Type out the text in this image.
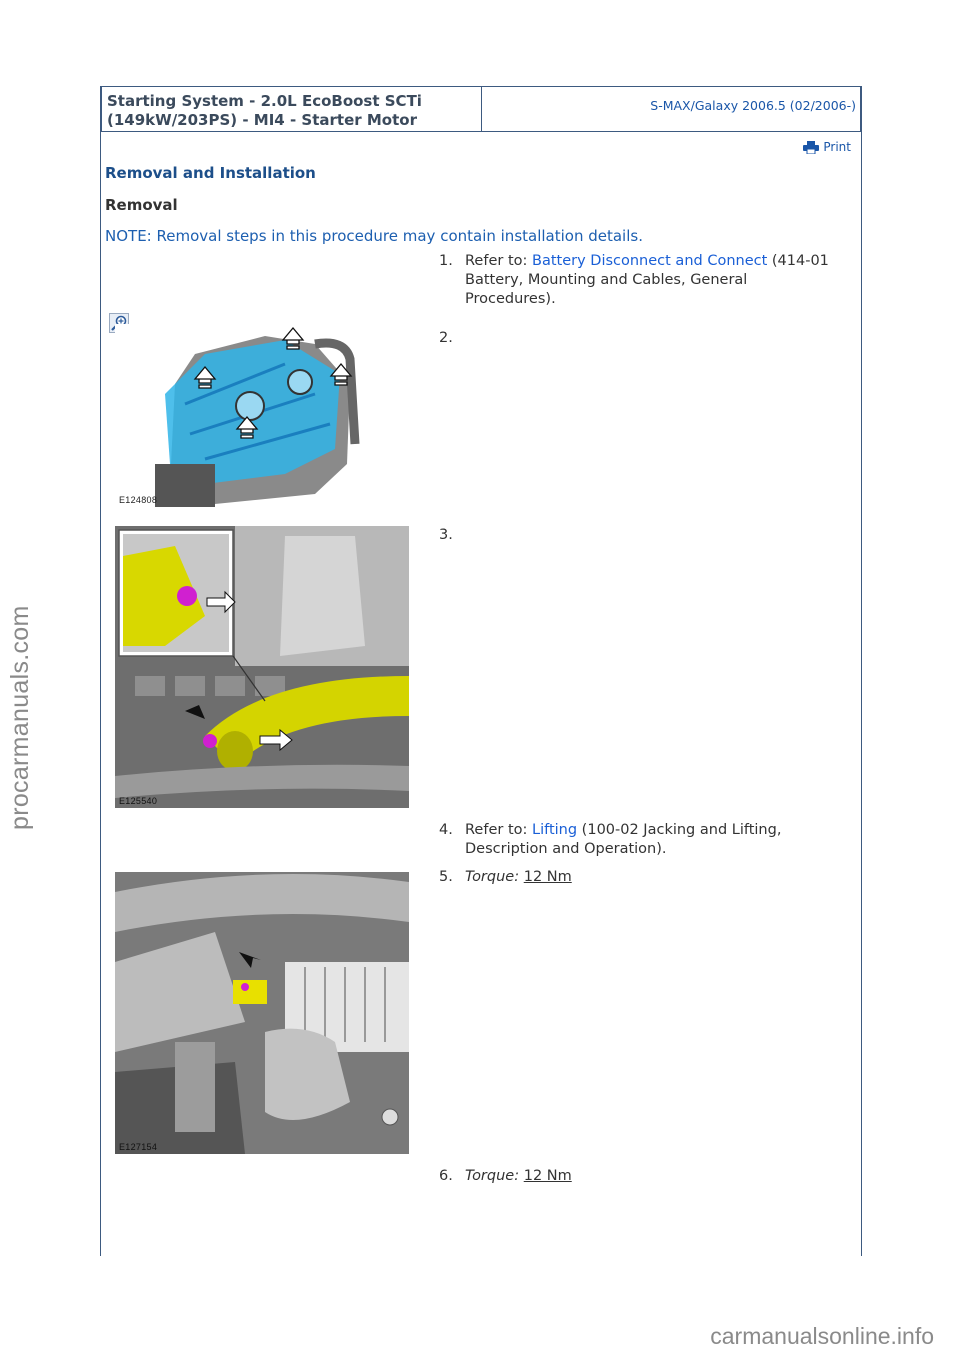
procarmanuals.com
carmanualsonline.info
Starting System - 2.0L EcoBoost SCTi
(149kW/203PS) - MI4 - Starter Motor
S-MAX/Galaxy 2006.5 (02/2006-)
Print
Removal and Installation
Removal
NOTE: Removal steps in this procedure may contain installation details.
1. Refer to: Battery Disconnect and Connect (414-01 Battery, Mounting and Cables, General Procedures).
2.
E124808
3.
E125540
4. Refer to: Lifting (100-02 Jacking and Lifting, Description and Operation).
5. Torque: 12 Nm
E127154
6. Torque: 12 Nm
